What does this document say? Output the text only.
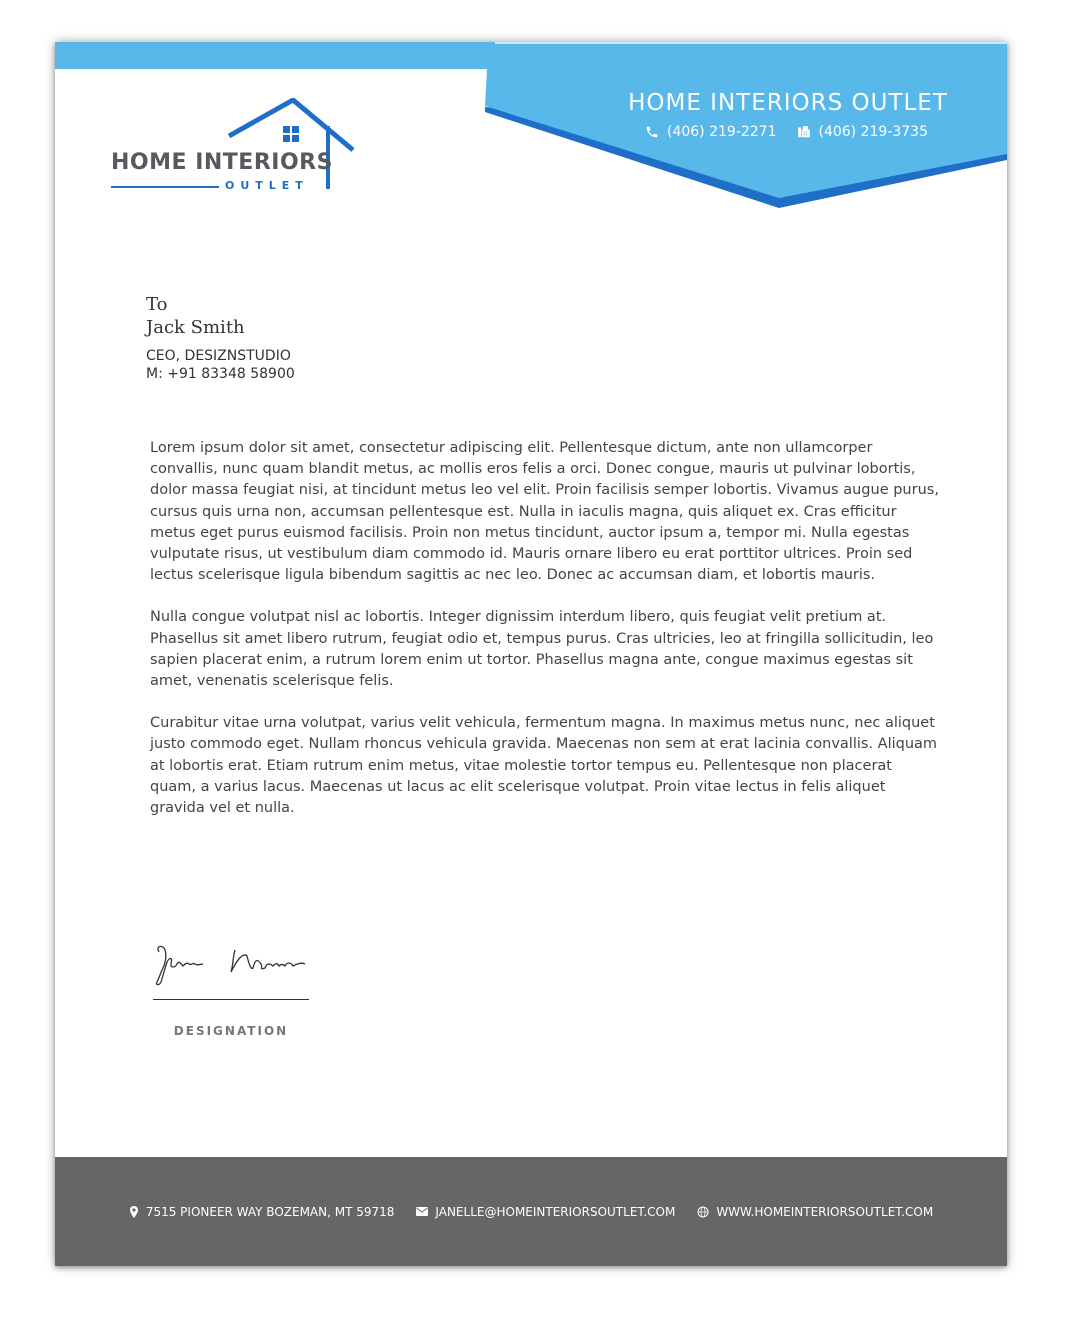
HOME INTERIORS OUTLET
(406) 219-2271	(406) 219-3735
HOME INTERIORS
OUTLET
To
Jack Smith
CEO, DESIZNSTUDIO
M: +91 83348 58900

Lorem ipsum dolor sit amet, consectetur adipiscing elit. Pellentesque dictum, ante non ullamcorper convallis, nunc quam blandit metus, ac mollis eros felis a orci. Donec congue, mauris ut pulvinar lobortis, dolor massa feugiat nisi, at tincidunt metus leo vel elit. Proin facilisis semper lobortis. Vivamus augue purus, cursus quis urna non, accumsan pellentesque est. Nulla in iaculis magna, quis aliquet ex. Cras efficitur metus eget purus euismod facilisis. Proin non metus tincidunt, auctor ipsum a, tempor mi. Nulla egestas vulputate risus, ut vestibulum diam commodo id. Mauris ornare libero eu erat porttitor ultrices. Proin sed lectus scelerisque ligula bibendum sagittis ac nec leo. Donec ac accumsan diam, et lobortis mauris.

Nulla congue volutpat nisl ac lobortis. Integer dignissim interdum libero, quis feugiat velit pretium at. Phasellus sit amet libero rutrum, feugiat odio et, tempus purus. Cras ultricies, leo at fringilla sollicitudin, leo sapien placerat enim, a rutrum lorem enim ut tortor. Phasellus magna ante, congue maximus egestas sit amet, venenatis scelerisque felis.

Curabitur vitae urna volutpat, varius velit vehicula, fermentum magna. In maximus metus nunc, nec aliquet justo commodo eget. Nullam rhoncus vehicula gravida. Maecenas non sem at erat lacinia convallis. Aliquam at lobortis erat. Etiam rutrum enim metus, vitae molestie tortor tempus eu. Pellentesque non placerat quam, a varius lacus. Maecenas ut lacus ac elit scelerisque volutpat. Proin vitae lectus in felis aliquet gravida vel et nulla.

DESIGNATION
7515 PIONEER WAY BOZEMAN, MT 59718	JANELLE@HOMEINTERIORSOUTLET.COM	WWW.HOMEINTERIORSOUTLET.COM
